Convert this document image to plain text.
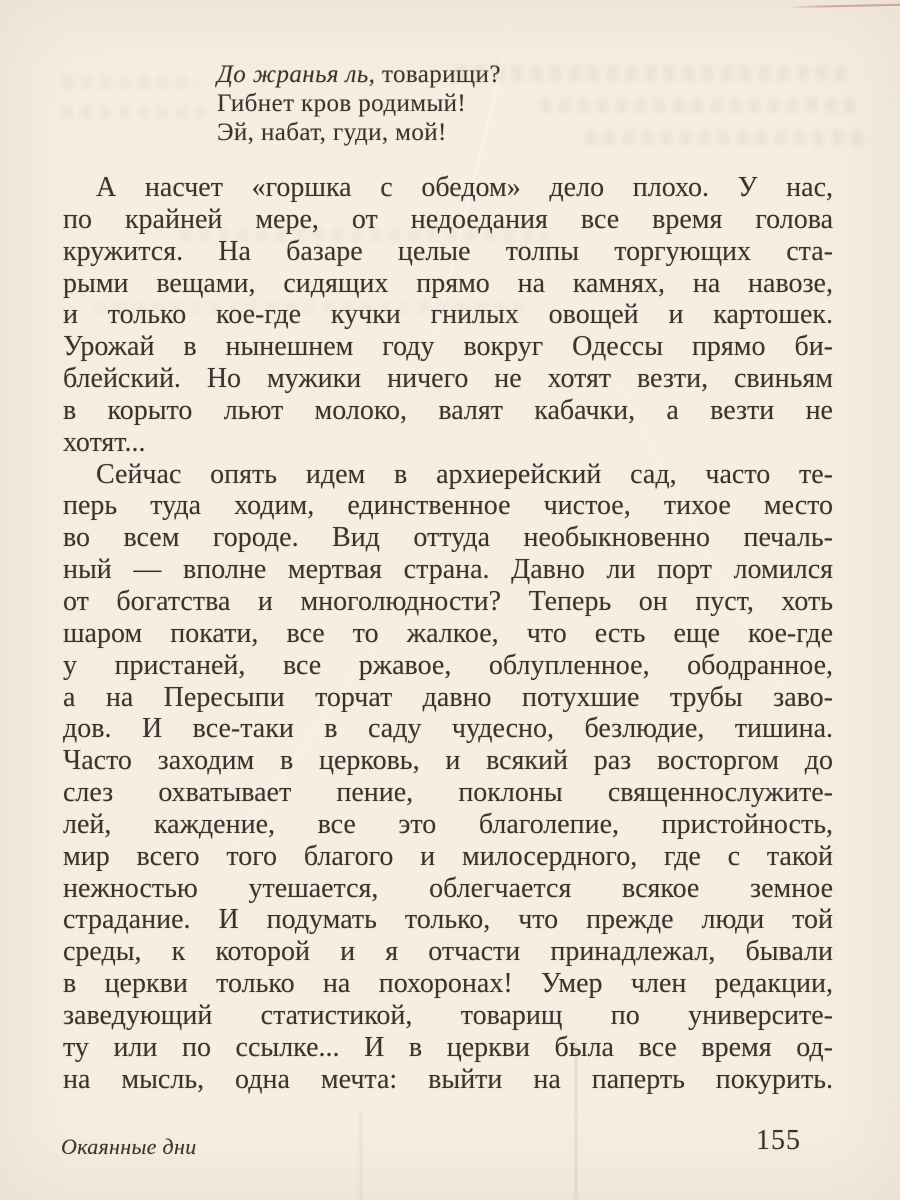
До жранья ль, товарищи?
Гибнет кров родимый!
Эй, набат, гуди, мой!
А насчет «горшка с обедом» дело плохо. У нас,
по крайней мере, от недоедания все время голова
кружится. На базаре целые толпы торгующих ста-
рыми вещами, сидящих прямо на камнях, на навозе,
и только кое-где кучки гнилых овощей и картошек.
Урожай в нынешнем году вокруг Одессы прямо би-
блейский. Но мужики ничего не хотят везти, свиньям
в корыто льют молоко, валят кабачки, а везти не
хотят...
Сейчас опять идем в архиерейский сад, часто те-
перь туда ходим, единственное чистое, тихое место
во всем городе. Вид оттуда необыкновенно печаль-
ный — вполне мертвая страна. Давно ли порт ломился
от богатства и многолюдности? Теперь он пуст, хоть
шаром покати, все то жалкое, что есть еще кое-где
у пристаней, все ржавое, облупленное, ободранное,
а на Пересыпи торчат давно потухшие трубы заво-
дов. И все-таки в саду чудесно, безлюдие, тишина.
Часто заходим в церковь, и всякий раз восторгом до
слез охватывает пение, поклоны священнослужите-
лей, каждение, все это благолепие, пристойность,
мир всего того благого и милосердного, где с такой
нежностью утешается, облегчается всякое земное
страдание. И подумать только, что прежде люди той
среды, к которой и я отчасти принадлежал, бывали
в церкви только на похоронах! Умер член редакции,
заведующий статистикой, товарищ по университе-
ту или по ссылке... И в церкви была все время од-
на мысль, одна мечта: выйти на паперть покурить.
Окаянные дни	155
